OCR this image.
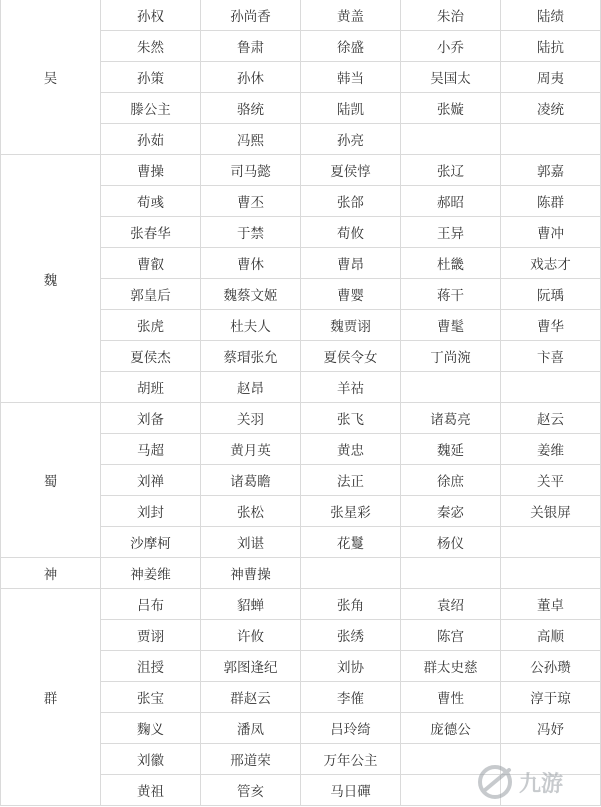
吴	孙权	孙尚香	黄盖	朱治	陆绩
	朱然	鲁肃	徐盛	小乔	陆抗
	孙策	孙休	韩当	吴国太	周夷
	滕公主	骆统	陆凯	张嫙	凌统
	孙茹	冯熙	孙亮		
魏	曹操	司马懿	夏侯惇	张辽	郭嘉
	荀彧	曹丕	张郃	郝昭	陈群
	张春华	于禁	荀攸	王异	曹冲
	曹叡	曹休	曹昂	杜畿	戏志才
	郭皇后	魏蔡文姬	曹婴	蒋干	阮瑀
	张虎	杜夫人	魏贾诩	曹髦	曹华
	夏侯杰	蔡瑁张允	夏侯令女	丁尚涴	卞喜
	胡班	赵昂	羊祜		
蜀	刘备	关羽	张飞	诸葛亮	赵云
	马超	黄月英	黄忠	魏延	姜维
	刘禅	诸葛瞻	法正	徐庶	关平
	刘封	张松	张星彩	秦宓	关银屏
	沙摩柯	刘谌	花鬘	杨仪	
神	神姜维	神曹操			
群	吕布	貂蝉	张角	袁绍	董卓
	贾诩	许攸	张绣	陈宫	高顺
	沮授	郭图逢纪	刘协	群太史慈	公孙瓒
	张宝	群赵云	李傕	曹性	淳于琼
	麴义	潘凤	吕玲绮	庞德公	冯妤
	刘徽	邢道荣	万年公主		
	黄祖	管亥	马日磾			九游
